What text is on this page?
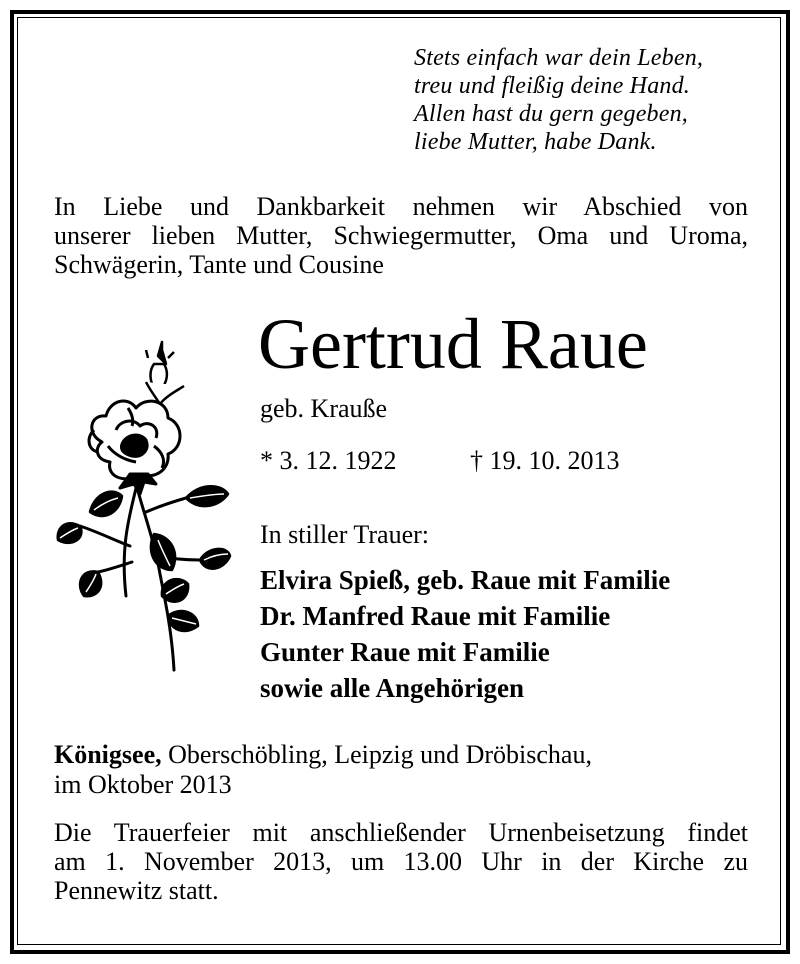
Stets einfach war dein Leben,
treu und fleißig deine Hand.
Allen hast du gern gegeben,
liebe Mutter, habe Dank.
In Liebe und Dankbarkeit nehmen wir Abschied von
unserer lieben Mutter, Schwiegermutter, Oma und Uroma,
Schwägerin, Tante und Cousine
Gertrud Raue
geb. Krauße
* 3. 12. 1922	† 19. 10. 2013
In stiller Trauer:
Elvira Spieß, geb. Raue mit Familie
Dr. Manfred Raue mit Familie
Gunter Raue mit Familie
sowie alle Angehörigen
Königsee, Oberschöbling, Leipzig und Dröbischau,
im Oktober 2013
Die Trauerfeier mit anschließender Urnenbeisetzung findet
am 1. November 2013, um 13.00 Uhr in der Kirche zu
Pennewitz statt.
